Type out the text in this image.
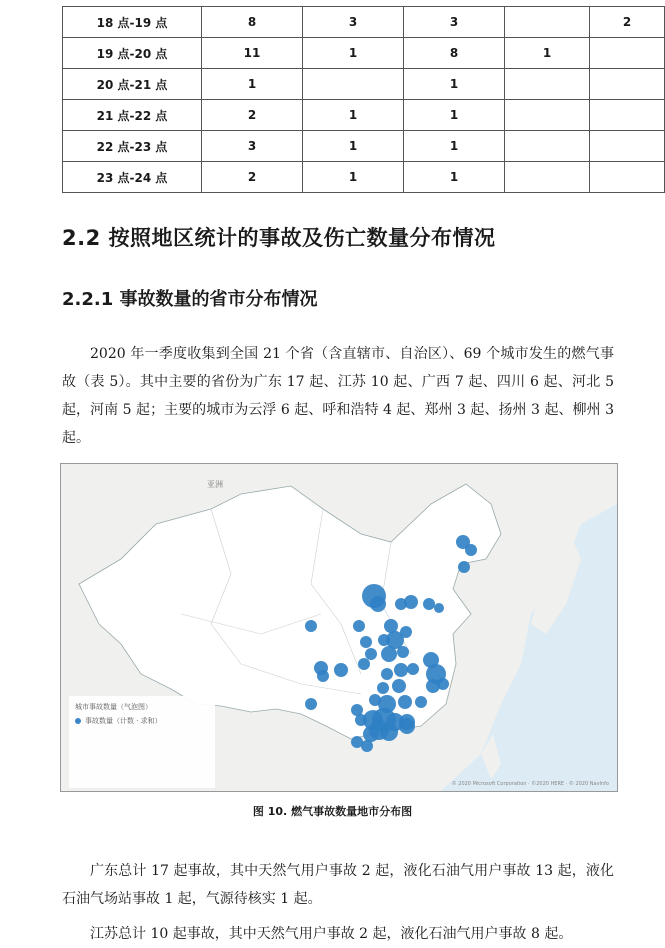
18 点-19 点	8	3	3		2
19 点-20 点	11	1	8	1	
20 点-21 点	1		1		
21 点-22 点	2	1	1		
22 点-23 点	3	1	1		
23 点-24 点	2	1	1		
2.2 按照地区统计的事故及伤亡数量分布情况
2.2.1 事故数量的省市分布情况
2020 年一季度收集到全国 21 个省（含直辖市、自治区）、69 个城市发生的燃气事故（表 5）。其中主要的省份为广东 17 起、江苏 10 起、广西 7 起、四川 6 起、河北 5 起，河南 5 起；主要的城市为云浮 6 起、呼和浩特 4 起、郑州 3 起、扬州 3 起、柳州 3 起。
亚洲
城市事故数量（气泡图）
事故数量（计数 · 求和）
© 2020 Microsoft Corporation · ©2020 HERE · © 2020 NavInfo
图 10. 燃气事故数量地市分布图
广东总计 17 起事故，其中天然气用户事故 2 起，液化石油气用户事故 13 起，液化石油气场站事故 1 起，气源待核实 1 起。
江苏总计 10 起事故，其中天然气用户事故 2 起，液化石油气用户事故 8 起。
